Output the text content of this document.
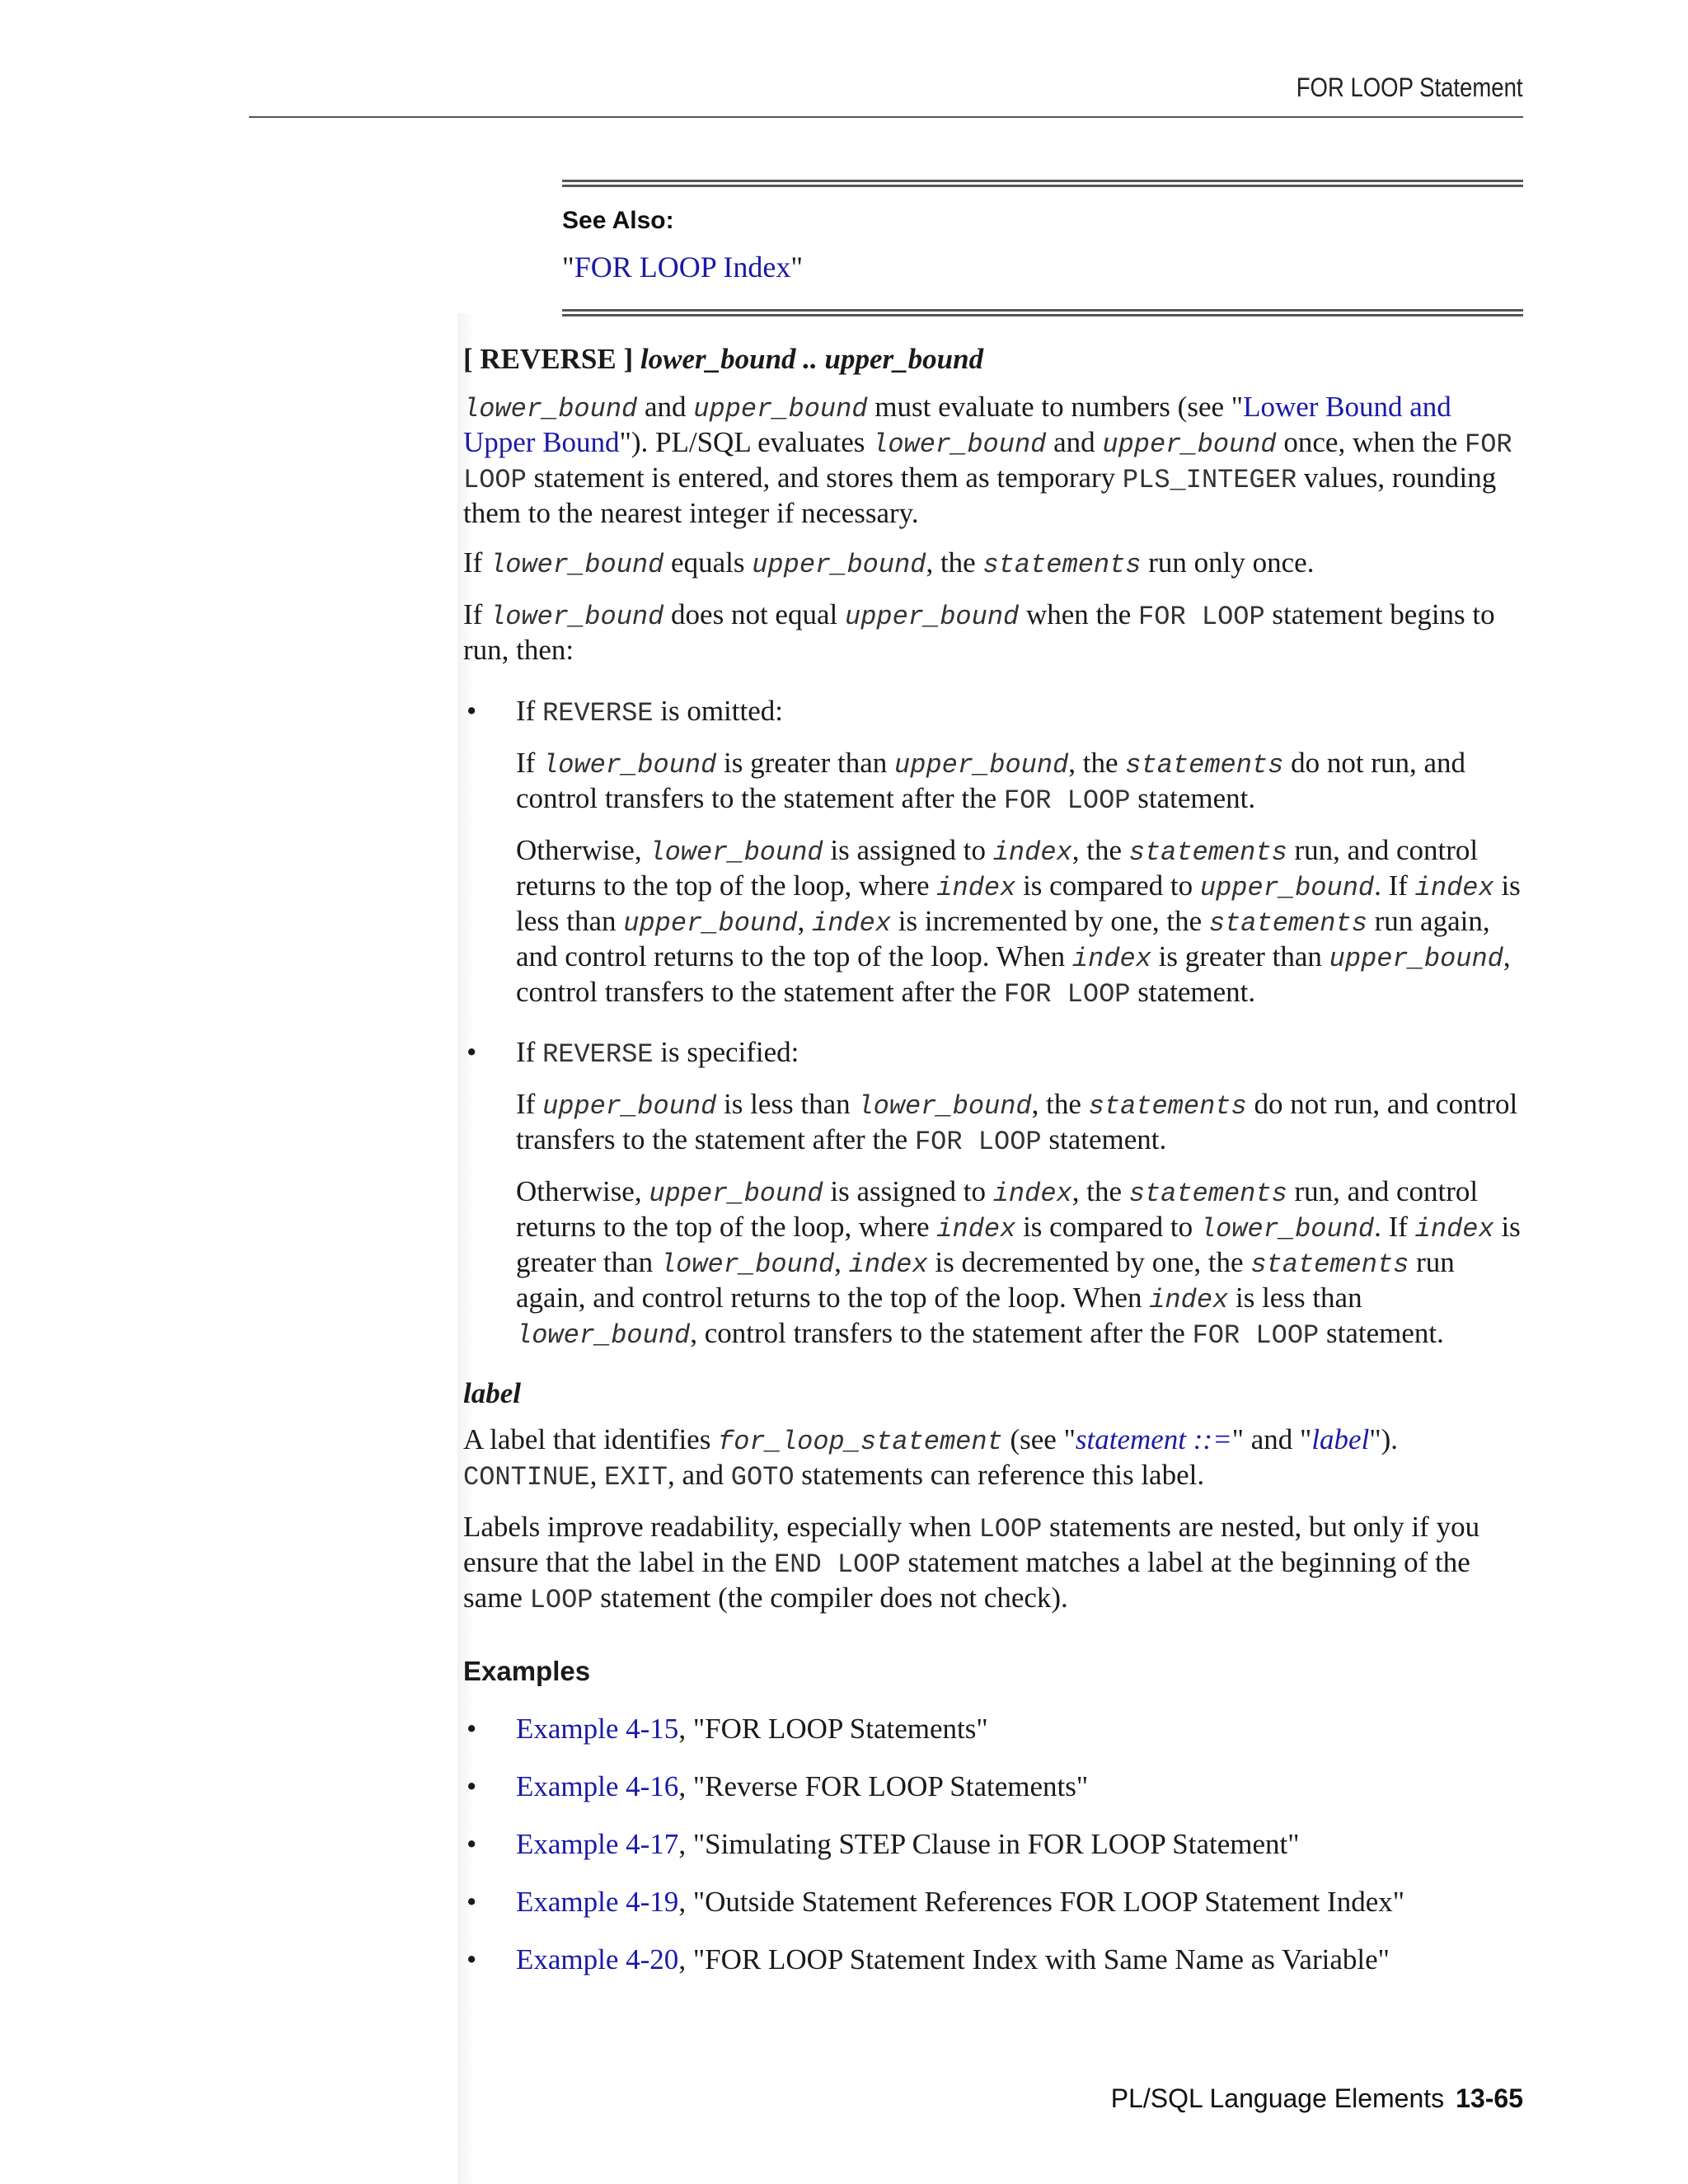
FOR LOOP Statement
See Also:
"FOR LOOP Index"
[ REVERSE ] lower_bound .. upper_bound

lower_bound and upper_bound must evaluate to numbers (see "Lower Bound and Upper Bound"). PL/SQL evaluates lower_bound and upper_bound once, when the FOR LOOP statement is entered, and stores them as temporary PLS_INTEGER values, rounding them to the nearest integer if necessary.

If lower_bound equals upper_bound, the statements run only once.

If lower_bound does not equal upper_bound when the FOR LOOP statement begins to run, then:

• If REVERSE is omitted:

If lower_bound is greater than upper_bound, the statements do not run, and control transfers to the statement after the FOR LOOP statement.

Otherwise, lower_bound is assigned to index, the statements run, and control returns to the top of the loop, where index is compared to upper_bound. If index is less than upper_bound, index is incremented by one, the statements run again, and control returns to the top of the loop. When index is greater than upper_bound, control transfers to the statement after the FOR LOOP statement.

• If REVERSE is specified:

If upper_bound is less than lower_bound, the statements do not run, and control transfers to the statement after the FOR LOOP statement.

Otherwise, upper_bound is assigned to index, the statements run, and control returns to the top of the loop, where index is compared to lower_bound. If index is greater than lower_bound, index is decremented by one, the statements run again, and control returns to the top of the loop. When index is less than lower_bound, control transfers to the statement after the FOR LOOP statement.

label

A label that identifies for_loop_statement (see "statement ::=" and "label"). CONTINUE, EXIT, and GOTO statements can reference this label.

Labels improve readability, especially when LOOP statements are nested, but only if you ensure that the label in the END LOOP statement matches a label at the beginning of the same LOOP statement (the compiler does not check).

Examples
• Example 4-15, "FOR LOOP Statements"
• Example 4-16, "Reverse FOR LOOP Statements"
• Example 4-17, "Simulating STEP Clause in FOR LOOP Statement"
• Example 4-19, "Outside Statement References FOR LOOP Statement Index"
• Example 4-20, "FOR LOOP Statement Index with Same Name as Variable"
PL/SQL Language Elements 13-65
